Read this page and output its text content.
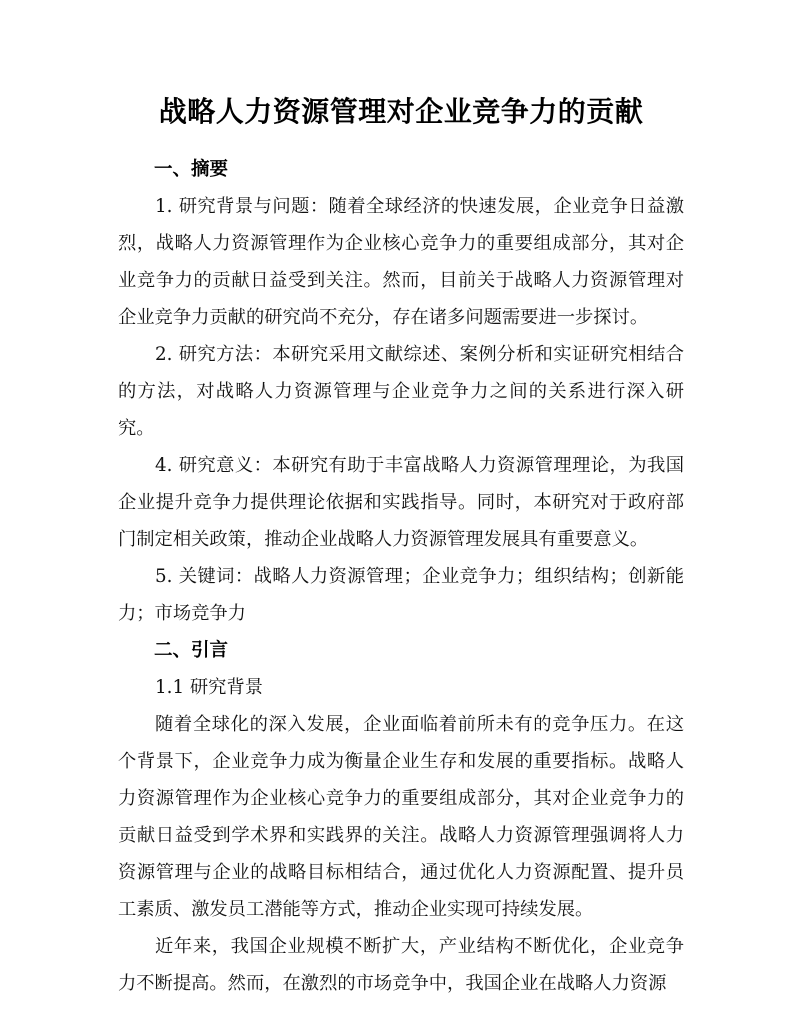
战略人力资源管理对企业竞争力的贡献
一、摘要

1. 研究背景与问题：随着全球经济的快速发展，企业竞争日益激烈，战略人力资源管理作为企业核心竞争力的重要组成部分，其对企业竞争力的贡献日益受到关注。然而，目前关于战略人力资源管理对企业竞争力贡献的研究尚不充分，存在诸多问题需要进一步探讨。

2. 研究方法：本研究采用文献综述、案例分析和实证研究相结合的方法，对战略人力资源管理与企业竞争力之间的关系进行深入研究。

4. 研究意义：本研究有助于丰富战略人力资源管理理论，为我国企业提升竞争力提供理论依据和实践指导。同时，本研究对于政府部门制定相关政策，推动企业战略人力资源管理发展具有重要意义。

5. 关键词：战略人力资源管理；企业竞争力；组织结构；创新能力；市场竞争力

二、引言

1.1 研究背景

随着全球化的深入发展，企业面临着前所未有的竞争压力。在这个背景下，企业竞争力成为衡量企业生存和发展的重要指标。战略人力资源管理作为企业核心竞争力的重要组成部分，其对企业竞争力的贡献日益受到学术界和实践界的关注。战略人力资源管理强调将人力资源管理与企业的战略目标相结合，通过优化人力资源配置、提升员工素质、激发员工潜能等方式，推动企业实现可持续发展。

近年来，我国企业规模不断扩大，产业结构不断优化，企业竞争力不断提高。然而，在激烈的市场竞争中，我国企业在战略人力资源
